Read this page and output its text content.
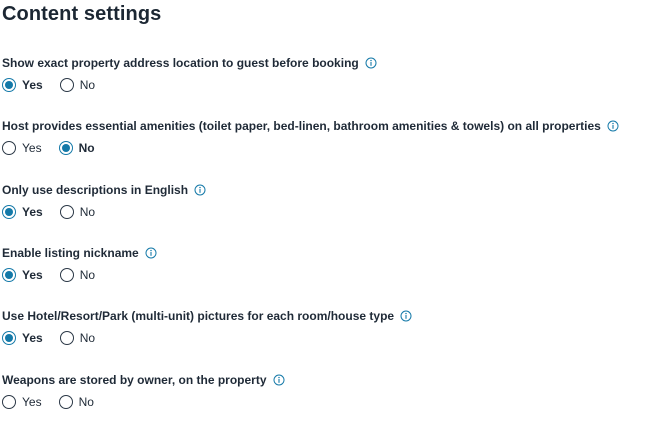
Content settings
Show exact property address location to guest before booking
Yes	No
Host provides essential amenities (toilet paper, bed-linen, bathroom amenities & towels) on all properties
Yes	No
Only use descriptions in English
Yes	No
Enable listing nickname
Yes	No
Use Hotel/Resort/Park (multi-unit) pictures for each room/house type
Yes	No
Weapons are stored by owner, on the property
Yes	No
